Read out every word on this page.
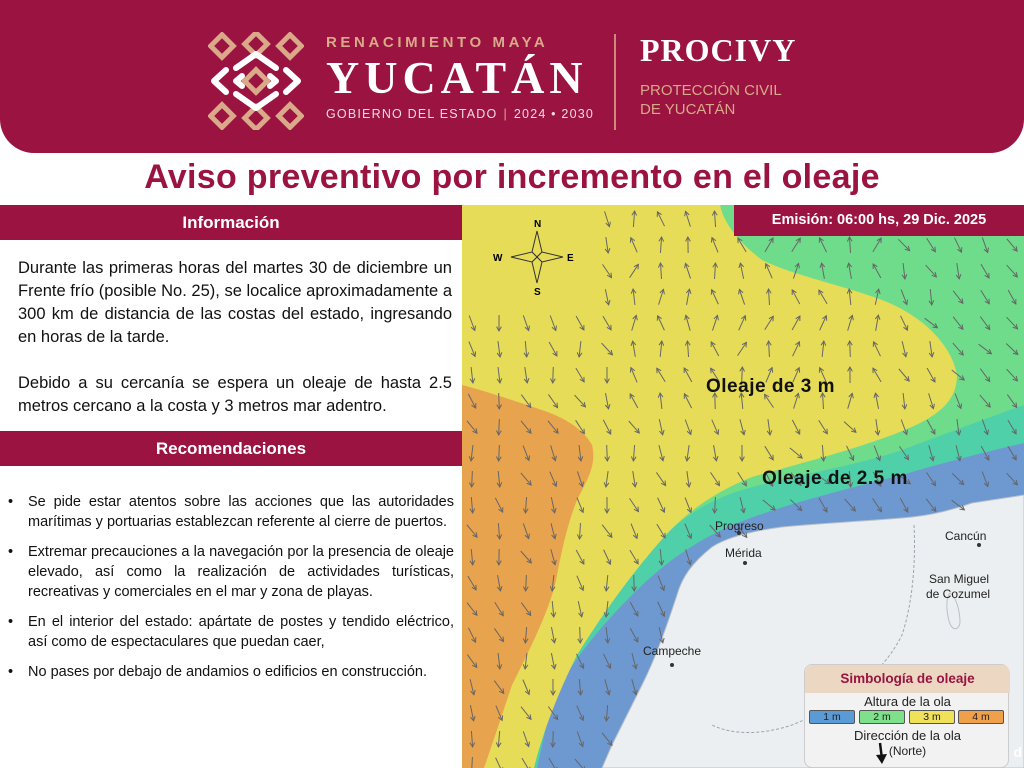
RENACIMIENTO MAYA
YUCATÁN
GOBIERNO DEL ESTADO | 2024 • 2030
PROCIVY
PROTECCIÓN CIVIL
DE YUCATÁN
Aviso preventivo por incremento en el oleaje
Información

Durante las primeras horas del martes 30 de diciembre un Frente frío (posible No. 25), se localice aproximadamente a 300 km de distancia de las costas del estado, ingresando en horas de la tarde.

Debido a su cercanía se espera un oleaje de hasta 2.5 metros cercano a la costa y 3 metros mar adentro.

Recomendaciones
• Se pide estar atentos sobre las acciones que las autoridades marítimas y portuarias establezcan referente al cierre de puertos.
• Extremar precauciones a la navegación por la presencia de oleaje elevado, así como la realización de actividades turísticas, recreativas y comerciales en el mar y zona de playas.
• En el interior del estado: apártate de postes y tendido eléctrico, así como de espectaculares que puedan caer,
• No pases por debajo de andamios o edificios en construcción.
N
S
E
W
Emisión: 06:00 hs, 29 Dic. 2025
Oleaje de 3 m
Oleaje de 2.5 m
Progreso
Mérida
Cancún
San Miguel
de Cozumel
Campeche
Simbología de oleaje
Altura de la ola
1 m	2 m	3 m	4 m
Dirección de la ola
(Norte)	d
